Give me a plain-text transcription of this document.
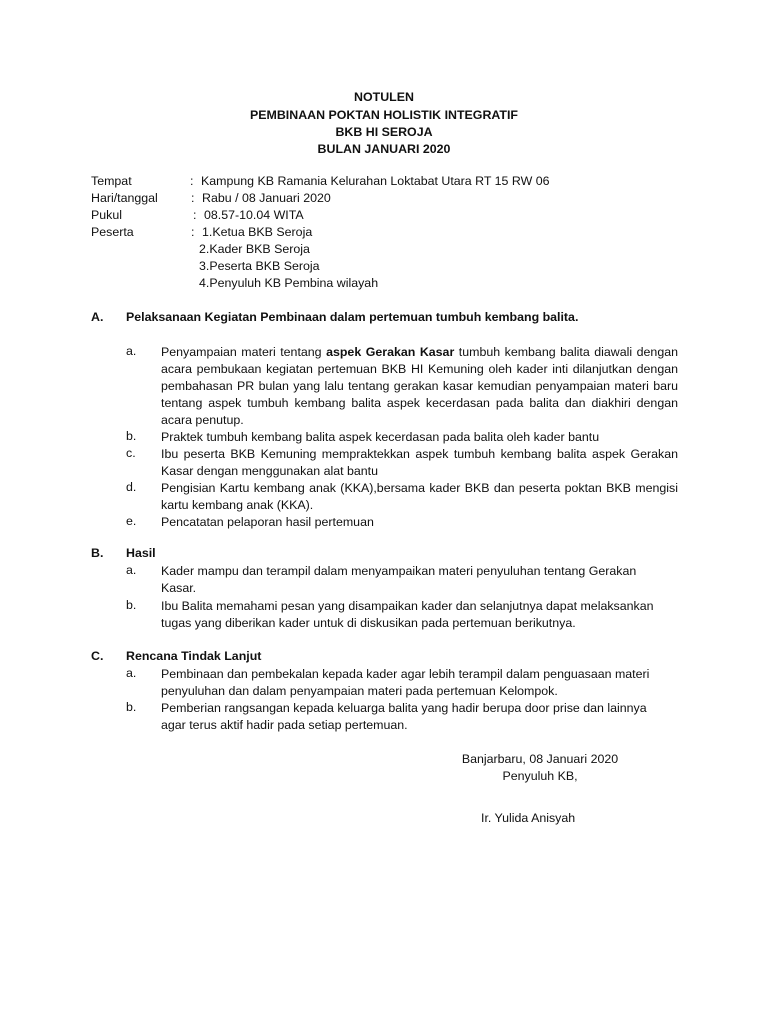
NOTULEN
PEMBINAAN POKTAN HOLISTIK INTEGRATIF
BKB HI SEROJA
BULAN JANUARI 2020
Tempat	: Kampung KB Ramania Kelurahan Loktabat Utara RT 15 RW 06
Hari/tanggal	: Rabu / 08 Januari 2020
Pukul	: 08.57-10.04 WITA
Peserta	: 1.Ketua BKB Seroja
2.Kader BKB Seroja
3.Peserta BKB Seroja
4.Penyuluh KB Pembina wilayah
A. Pelaksanaan Kegiatan Pembinaan dalam pertemuan tumbuh kembang balita.
a. Penyampaian materi tentang aspek Gerakan Kasar tumbuh kembang balita diawali dengan acara pembukaan kegiatan pertemuan BKB HI Kemuning oleh kader inti dilanjutkan dengan pembahasan PR bulan yang lalu tentang gerakan kasar kemudian penyampaian materi baru tentang aspek tumbuh kembang balita aspek kecerdasan pada balita dan diakhiri dengan acara penutup.
b. Praktek tumbuh kembang balita aspek kecerdasan pada balita oleh kader bantu
c. Ibu peserta BKB Kemuning mempraktekkan aspek tumbuh kembang balita aspek Gerakan Kasar dengan menggunakan alat bantu
d. Pengisian Kartu kembang anak (KKA),bersama kader BKB dan peserta poktan BKB mengisi kartu kembang anak (KKA).
e. Pencatatan pelaporan hasil pertemuan
B. Hasil
a. Kader mampu dan terampil dalam menyampaikan materi penyuluhan tentang Gerakan Kasar.
b. Ibu Balita memahami pesan yang disampaikan kader dan selanjutnya dapat melaksankan tugas yang diberikan kader untuk di diskusikan pada pertemuan berikutnya.
C. Rencana Tindak Lanjut
a. Pembinaan dan pembekalan kepada kader agar lebih terampil dalam penguasaan materi penyuluhan dan dalam penyampaian materi pada pertemuan Kelompok.
b. Pemberian rangsangan kepada keluarga balita yang hadir berupa door prise dan lainnya agar terus aktif hadir pada setiap pertemuan.
Banjarbaru, 08 Januari 2020
Penyuluh KB,
Ir. Yulida Anisyah
